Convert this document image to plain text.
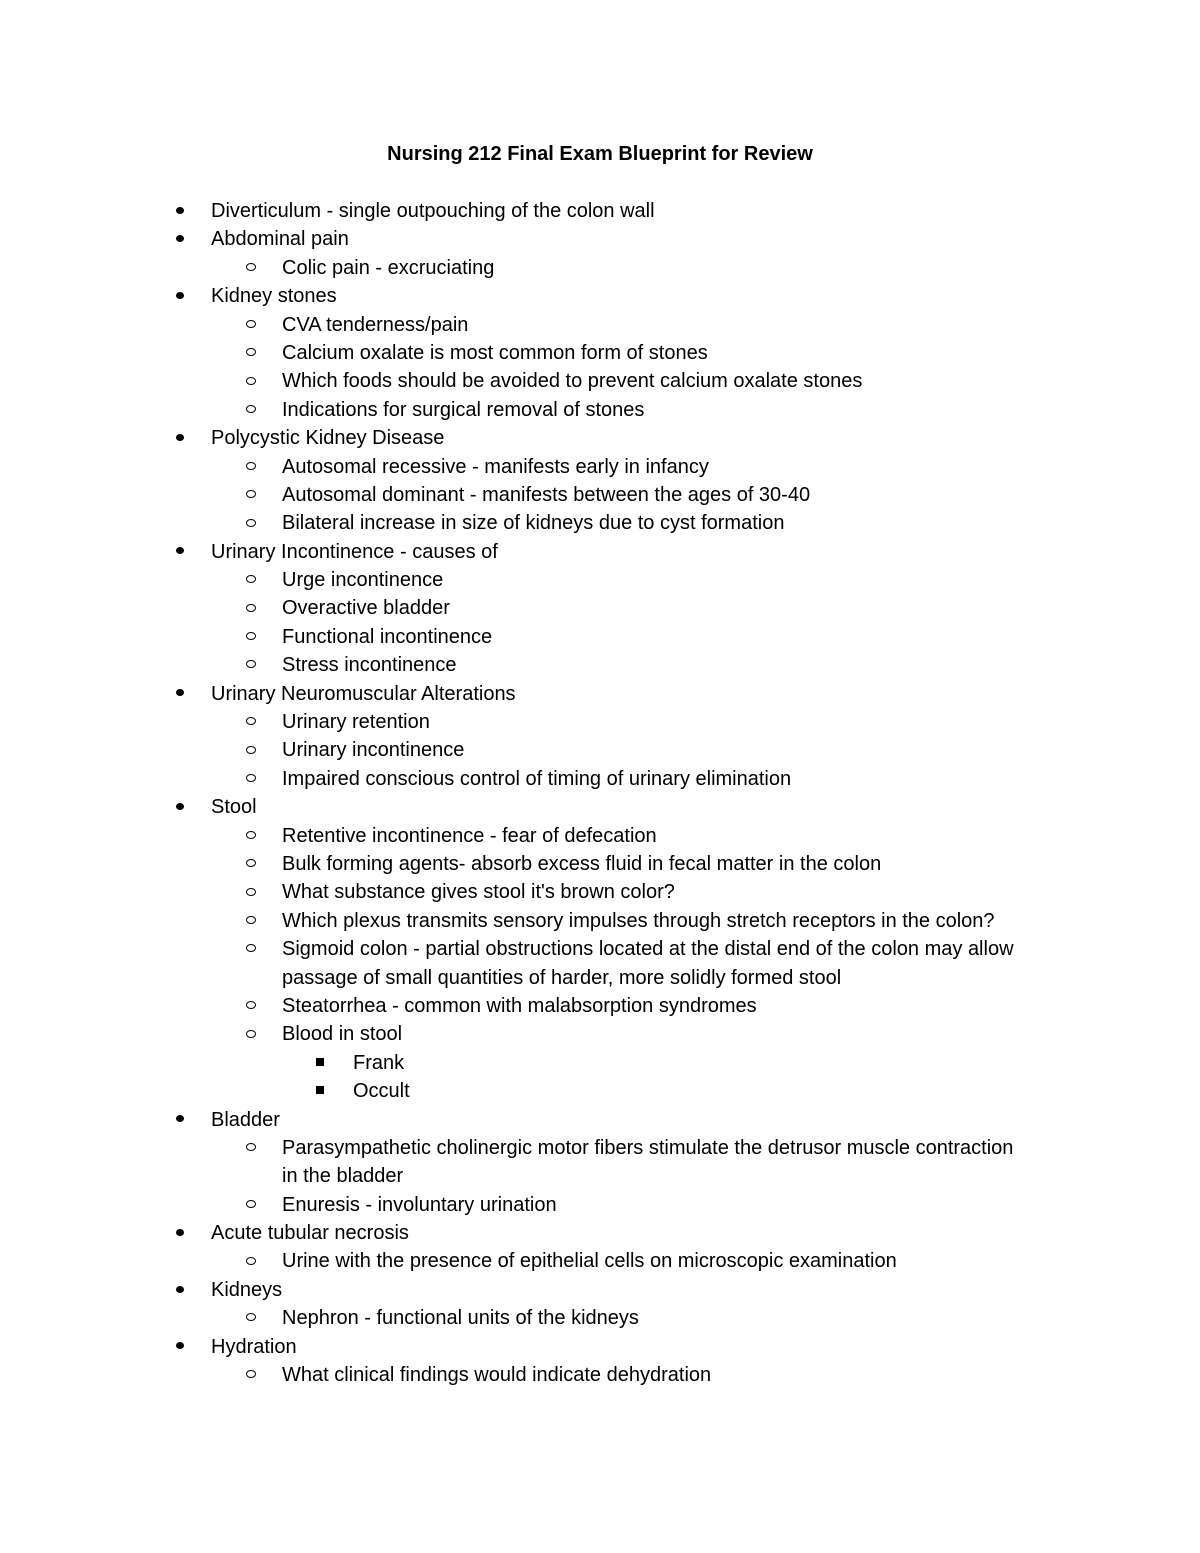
Nursing 212 Final Exam Blueprint for Review
Diverticulum - single outpouching of the colon wall
Abdominal pain
Colic pain - excruciating
Kidney stones
CVA tenderness/pain
Calcium oxalate is most common form of stones
Which foods should be avoided to prevent calcium oxalate stones
Indications for surgical removal of stones
Polycystic Kidney Disease
Autosomal recessive - manifests early in infancy
Autosomal dominant - manifests between the ages of 30-40
Bilateral increase in size of kidneys due to cyst formation
Urinary Incontinence - causes of
Urge incontinence
Overactive bladder
Functional incontinence
Stress incontinence
Urinary Neuromuscular Alterations
Urinary retention
Urinary incontinence
Impaired conscious control of timing of urinary elimination
Stool
Retentive incontinence - fear of defecation
Bulk forming agents- absorb excess fluid in fecal matter in the colon
What substance gives stool it's brown color?
Which plexus transmits sensory impulses through stretch receptors in the colon?
Sigmoid colon - partial obstructions located at the distal end of the colon may allow passage of small quantities of harder, more solidly formed stool
Steatorrhea - common with malabsorption syndromes
Blood in stool
Frank
Occult
Bladder
Parasympathetic cholinergic motor fibers stimulate the detrusor muscle contraction in the bladder
Enuresis - involuntary urination
Acute tubular necrosis
Urine with the presence of epithelial cells on microscopic examination
Kidneys
Nephron - functional units of the kidneys
Hydration
What clinical findings would indicate dehydration
